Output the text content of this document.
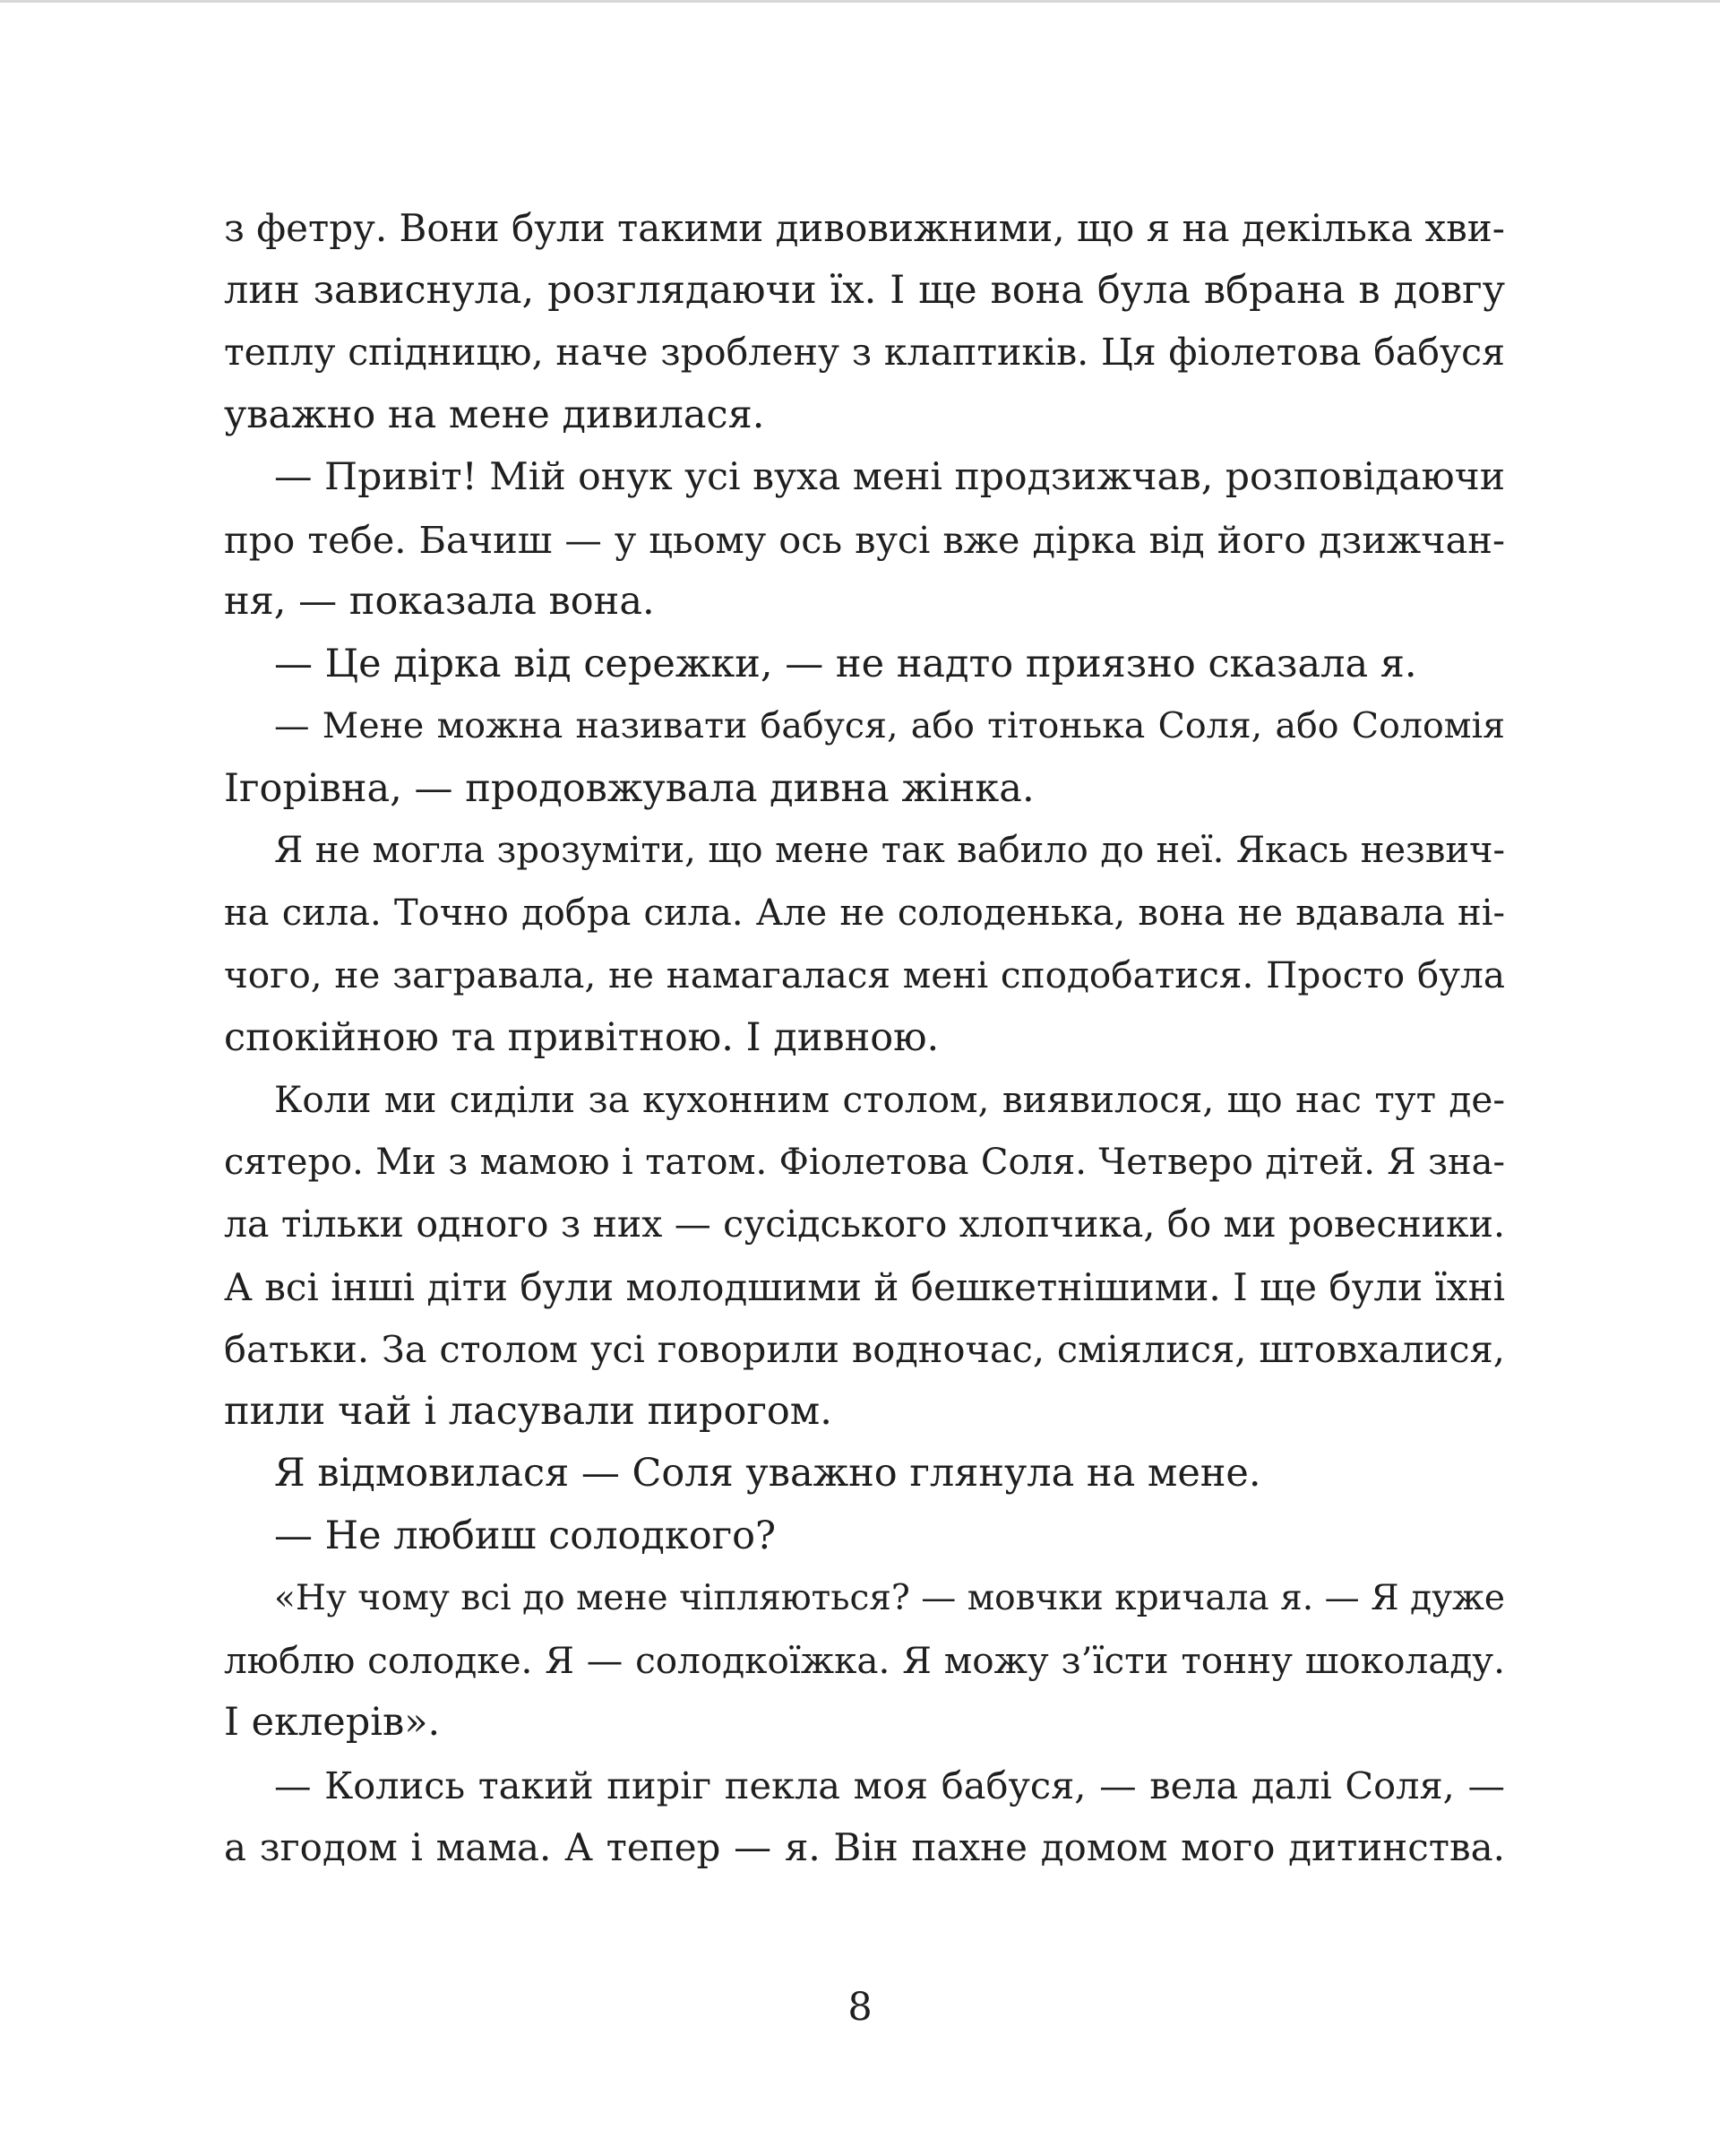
з фетру. Вони були такими дивовижними, що я на декілька хви-
лин зависнула, розглядаючи їх. І ще вона була вбрана в довгу
теплу спідницю, наче зроблену з клаптиків. Ця фіолетова бабуся
уважно на мене дивилася.
— Привіт! Мій онук усі вуха мені продзижчав, розповідаючи
про тебе. Бачиш — у цьому ось вусі вже дірка від його дзижчан-
ня, — показала вона.
— Це дірка від сережки, — не надто приязно сказала я.
— Мене можна називати бабуся, або тітонька Соля, або Соломія
Ігорівна, — продовжувала дивна жінка.
Я не могла зрозуміти, що мене так вабило до неї. Якась незвич-
на сила. Точно добра сила. Але не солоденька, вона не вдавала ні-
чого, не загравала, не намагалася мені сподобатися. Просто була
спокійною та привітною. І дивною.
Коли ми сиділи за кухонним столом, виявилося, що нас тут де-
сятеро. Ми з мамою і татом. Фіолетова Соля. Четверо дітей. Я зна-
ла тільки одного з них — сусідського хлопчика, бо ми ровесники.
А всі інші діти були молодшими й бешкетнішими. І ще були їхні
батьки. За столом усі говорили водночас, сміялися, штовхалися,
пили чай і ласували пирогом.
Я відмовилася — Соля уважно глянула на мене.
— Не любиш солодкого?
«Ну чому всі до мене чіпляються? — мовчки кричала я. — Я дуже
люблю солодке. Я — солодкоїжка. Я можу з’їсти тонну шоколаду.
І еклерів».
— Колись такий пиріг пекла моя бабуся, — вела далі Соля, —
а згодом і мама. А тепер — я. Він пахне домом мого дитинства.
8
